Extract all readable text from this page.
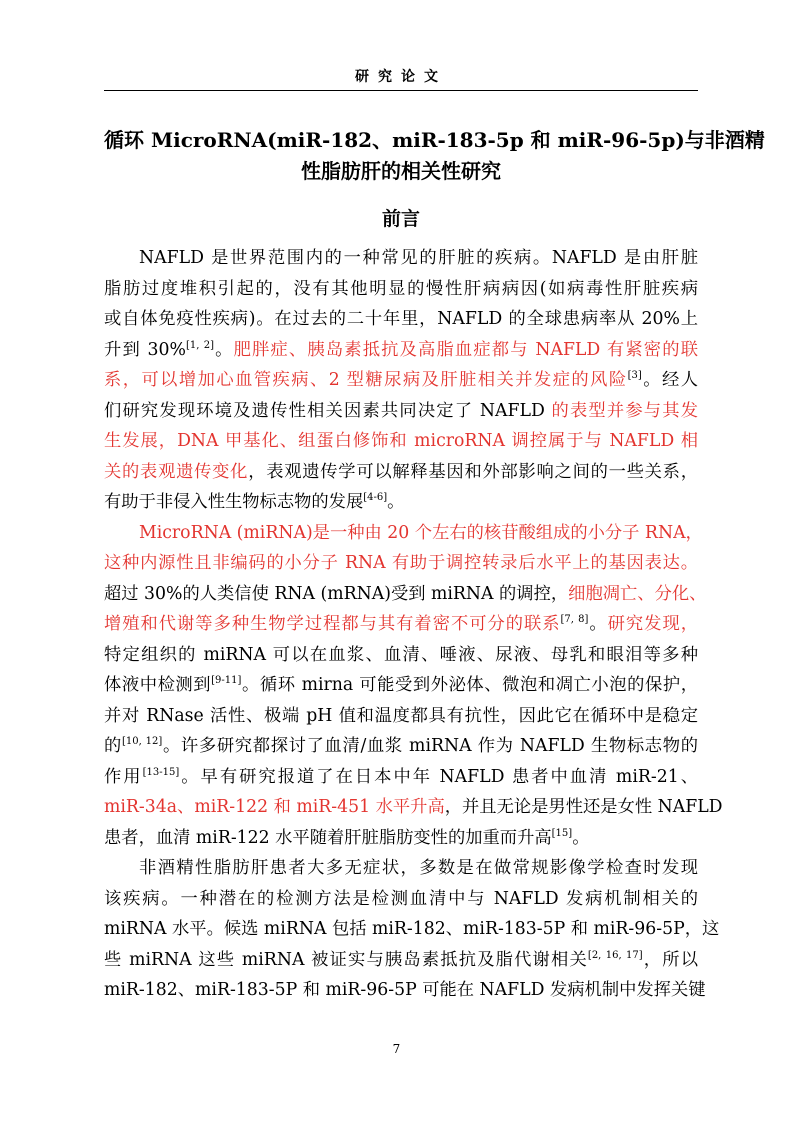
研究论文
循环 MicroRNA(miR-182、miR-183-5p 和 miR-96-5p)与非酒精
性脂肪肝的相关性研究
前言
NAFLD 是世界范围内的一种常见的肝脏的疾病。NAFLD 是由肝脏
脂肪过度堆积引起的，没有其他明显的慢性肝病病因(如病毒性肝脏疾病
或自体免疫性疾病)。在过去的二十年里，NAFLD 的全球患病率从 20%上
升到 30%[1, 2]。肥胖症、胰岛素抵抗及高脂血症都与 NAFLD 有紧密的联
系，可以增加心血管疾病、2 型糖尿病及肝脏相关并发症的风险[3]。经人
们研究发现环境及遗传性相关因素共同决定了 NAFLD 的表型并参与其发
生发展，DNA 甲基化、组蛋白修饰和 microRNA 调控属于与 NAFLD 相
关的表观遗传变化，表观遗传学可以解释基因和外部影响之间的一些关系，
有助于非侵入性生物标志物的发展[4-6]。
MicroRNA (miRNA)是一种由 20 个左右的核苷酸组成的小分子 RNA，
这种内源性且非编码的小分子 RNA 有助于调控转录后水平上的基因表达。
超过 30%的人类信使 RNA (mRNA)受到 miRNA 的调控，细胞凋亡、分化、
增殖和代谢等多种生物学过程都与其有着密不可分的联系[7, 8]。研究发现，
特定组织的 miRNA 可以在血浆、血清、唾液、尿液、母乳和眼泪等多种
体液中检测到[9-11]。循环 mirna 可能受到外泌体、微泡和凋亡小泡的保护，
并对 RNase 活性、极端 pH 值和温度都具有抗性，因此它在循环中是稳定
的[10, 12]。许多研究都探讨了血清/血浆 miRNA 作为 NAFLD 生物标志物的
作用[13-15]。早有研究报道了在日本中年 NAFLD 患者中血清 miR-21、
miR-34a、miR-122 和 miR-451 水平升高，并且无论是男性还是女性 NAFLD
患者，血清 miR-122 水平随着肝脏脂肪变性的加重而升高[15]。
非酒精性脂肪肝患者大多无症状，多数是在做常规影像学检查时发现
该疾病。一种潜在的检测方法是检测血清中与 NAFLD 发病机制相关的
miRNA 水平。候选 miRNA 包括 miR-182、miR-183-5P 和 miR-96-5P，这
些 miRNA 这些 miRNA 被证实与胰岛素抵抗及脂代谢相关[2, 16, 17]，所以
miR-182、miR-183-5P 和 miR-96-5P 可能在 NAFLD 发病机制中发挥关键
7
